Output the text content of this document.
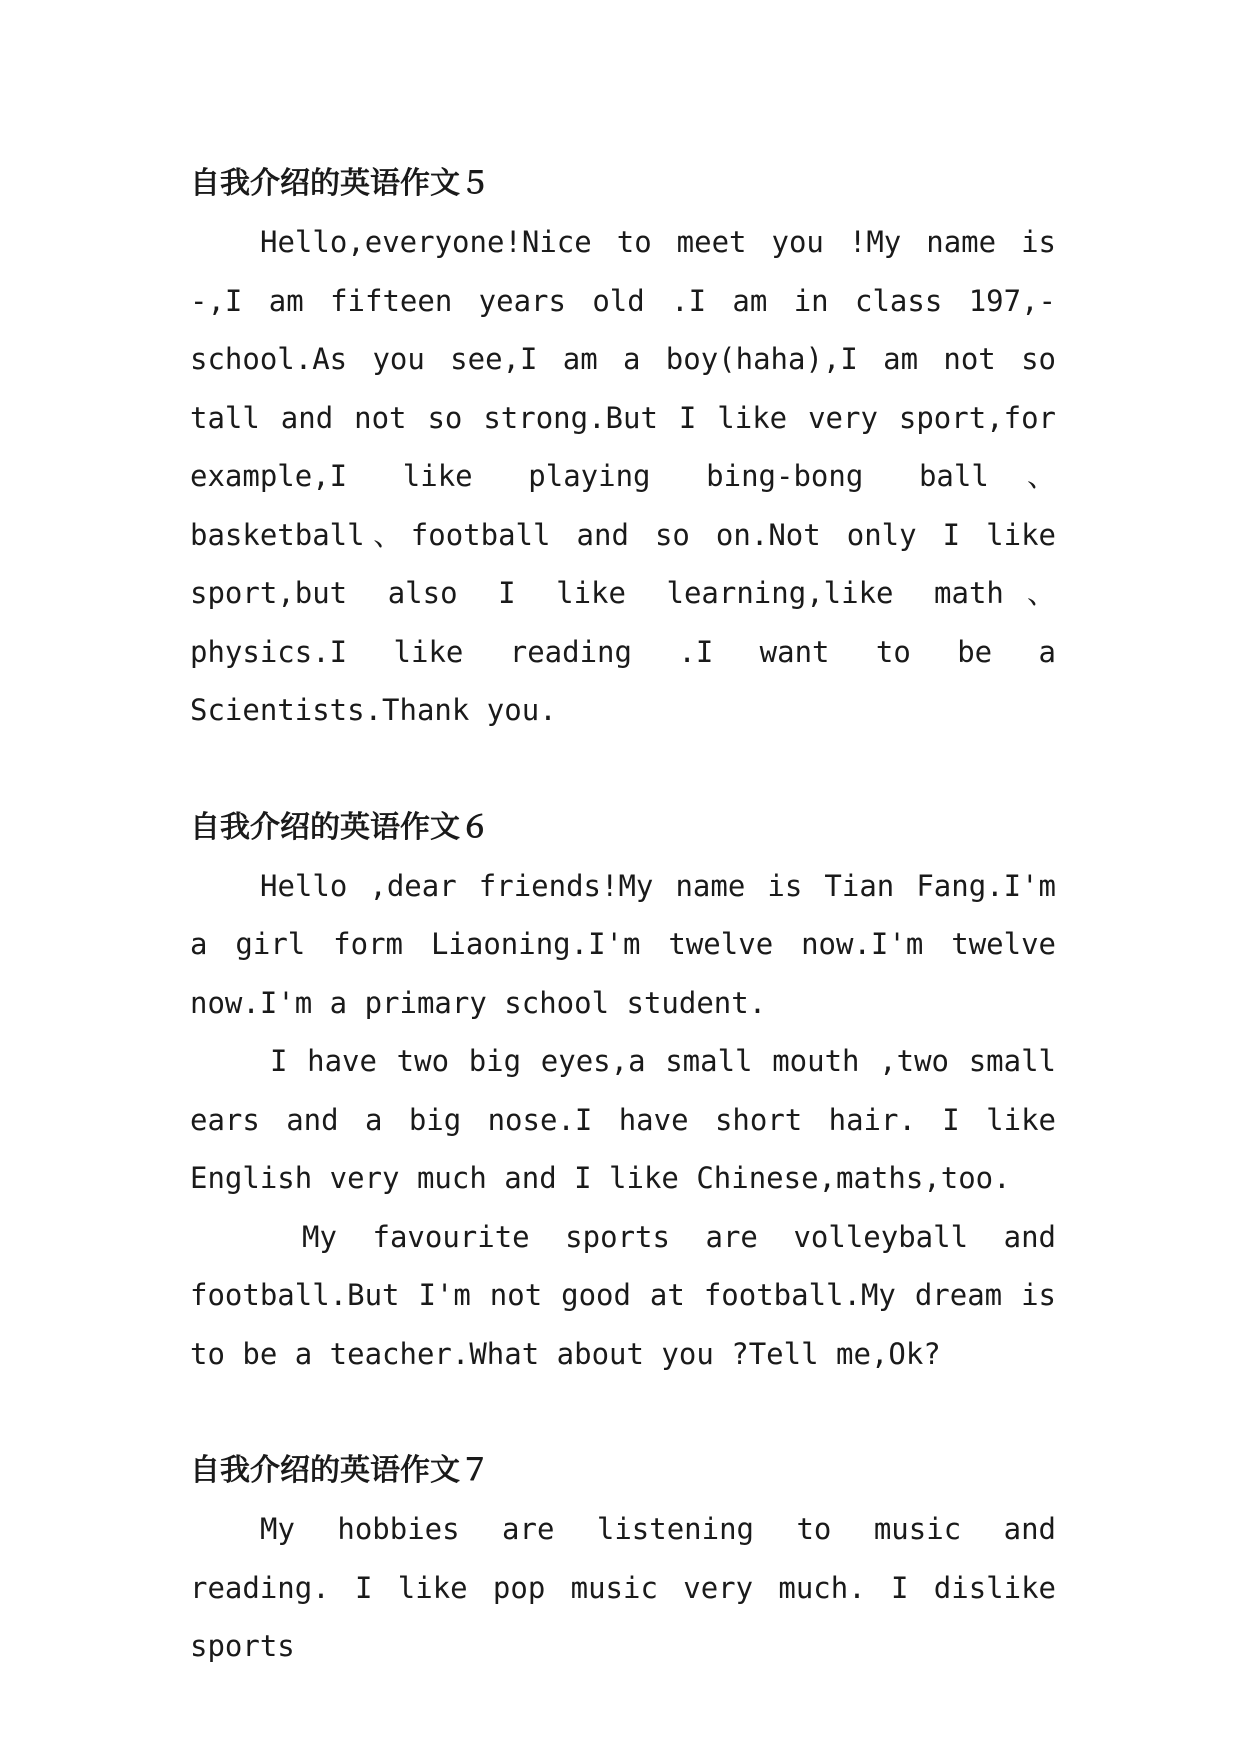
自我介绍的英语作文５

Hello,everyone!Nice to meet you !My name is -,I am fifteen years old .I am in class 197,- school.As you see,I am a boy(haha),I am not so tall and not so strong.But I like very sport,for example,I like playing bing-bong ball、basketball、football and so on.Not only I like sport,but also I like learning,like math、physics.I like reading .I want to be a Scientists.Thank you.

自我介绍的英语作文６

Hello ,dear friends!My name is Tian Fang.I'm a girl form Liaoning.I'm twelve now.I'm twelve now.I'm a primary school student.

I have two big eyes,a small mouth ,two small ears and a big nose.I have short hair. I like English very much and I like Chinese,maths,too.

My favourite sports are volleyball and football.But I'm not good at football.My dream is to be a teacher.What about you ?Tell me,Ok?

自我介绍的英语作文７

My hobbies are listening to music and reading. I like pop music very much. I dislike sports
